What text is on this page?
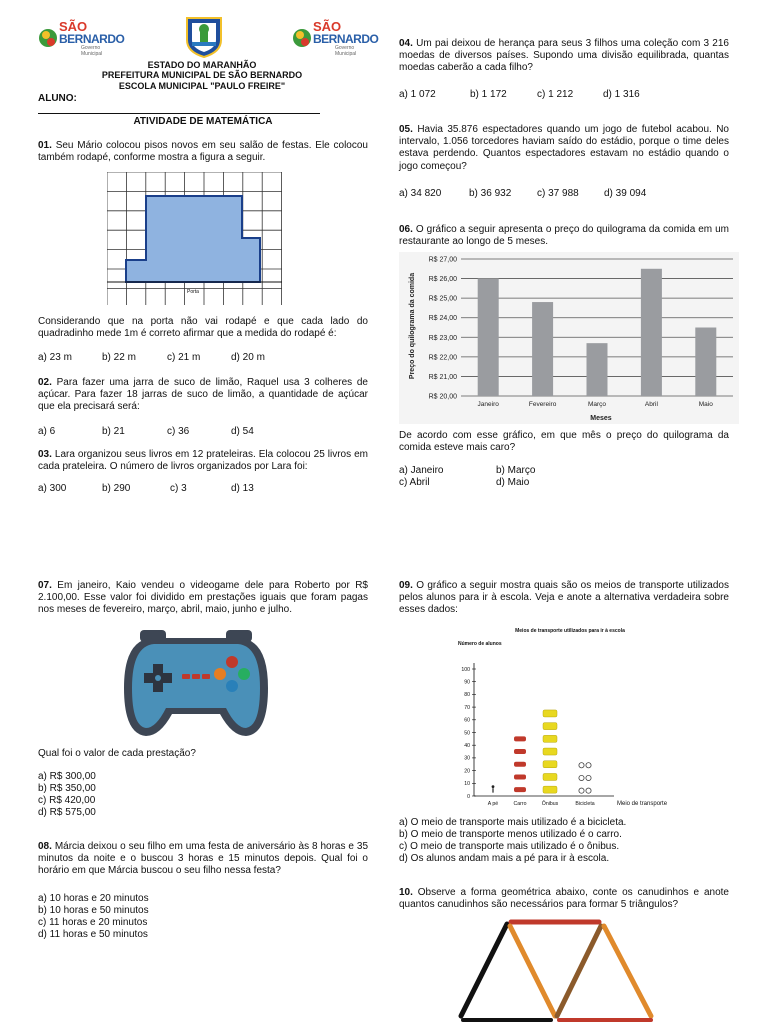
SÃO
BERNARDO
Governo Municipal
SÃO
BERNARDO
Governo Municipal
ESTADO DO MARANHÃO
PREFEITURA MUNICIPAL DE SÃO BERNARDO
ESCOLA MUNICIPAL "PAULO FREIRE"
ALUNO:
ATIVIDADE DE MATEMÁTICA
01. Seu Mário colocou pisos novos em seu salão de festas. Ele colocou também rodapé, conforme mostra a figura a seguir.
Porta
Considerando que na porta não vai rodapé e que cada lado do quadradinho mede 1m é correto afirmar que a medida do rodapé é:
a) 23 m	b) 22 m	c) 21 m	d) 20 m
02. Para fazer uma jarra de suco de limão, Raquel usa 3 colheres de açúcar. Para fazer 18 jarras de suco de limão, a quantidade de açúcar que ela precisará será:
a) 6	b) 21	c) 36	d) 54
03. Lara organizou seus livros em 12 prateleiras. Ela colocou 25 livros em cada prateleira. O número de livros organizados por Lara foi:
a) 300	b) 290	c) 3	d) 13
04. Um pai deixou de herança para seus 3 filhos uma coleção com 3 216 moedas de diversos países. Supondo uma divisão equilibrada, quantas moedas caberão a cada filho?
a) 1 072	b) 1 172	c) 1 212	d) 1 316
05. Havia 35.876 espectadores quando um jogo de futebol acabou. No intervalo, 1.056 torcedores haviam saído do estádio, porque o time deles estava perdendo. Quantos espectadores estavam no estádio quando o jogo começou?
a) 34 820	b) 36 932	c) 37 988	d) 39 094
06. O gráfico a seguir apresenta o preço do quilograma da comida em um restaurante ao longo de 5 meses.
Preço do quilograma da comida
Meses
R$ 20,00
R$ 21,00
R$ 22,00
R$ 23,00
R$ 24,00
R$ 25,00
R$ 26,00
R$ 27,00
Janeiro	Fevereiro	Março	Abril	Maio
De acordo com esse gráfico, em que mês o preço do quilograma da comida esteve mais caro?
a) Janeiro	b) Março
c) Abril	d) Maio
07. Em janeiro, Kaio vendeu o videogame dele para Roberto por R$ 2.100,00. Esse valor foi dividido em prestações iguais que foram pagas nos meses de fevereiro, março, abril, maio, junho e julho.
Qual foi o valor de cada prestação?
a) R$ 300,00
b) R$ 350,00
c) R$ 420,00
d) R$ 575,00
08. Márcia deixou o seu filho em uma festa de aniversário às 8 horas e 35 minutos da noite e o buscou 3 horas e 15 minutos depois. Qual foi o horário em que Márcia buscou o seu filho nessa festa?
a) 10 horas e 20 minutos
b) 10 horas e 50 minutos
c) 11 horas e 20 minutos
d) 11 horas e 50 minutos
09. O gráfico a seguir mostra quais são os meios de transporte utilizados pelos alunos para ir à escola. Veja e anote a alternativa verdadeira sobre esses dados:
Meios de transporte utilizados para ir à escola
Número de alunos
Meio de transporte
0
10
20
30
40
50
60
70
80
90
100
A pé	Carro	Ônibus	Bicicleta
a) O meio de transporte mais utilizado é a bicicleta.
b) O meio de transporte menos utilizado é o carro.
c) O meio de transporte mais utilizado é o ônibus.
d) Os alunos andam mais a pé para ir à escola.
10. Observe a forma geométrica abaixo, conte os canudinhos e anote quantos canudinhos são necessários para formar 5 triângulos?
